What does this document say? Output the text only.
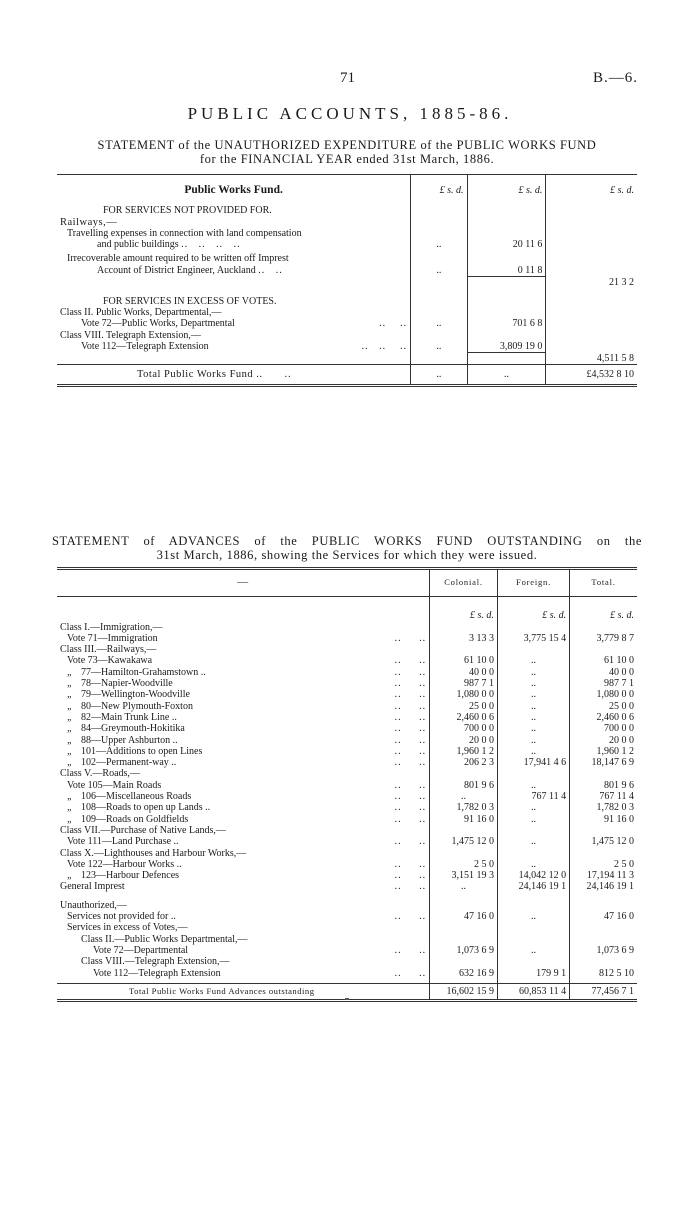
71	B.—6.
PUBLIC ACCOUNTS, 1885-86.
STATEMENT of the UNAUTHORIZED EXPENDITURE of the PUBLIC WORKS FUND
for the FINANCIAL YEAR ended 31st March, 1886.
Public Works Fund.	£ s. d.	£ s. d.	£ s. d.
FOR SERVICES NOT PROVIDED FOR.			
Railways,—			
Travelling expenses in connection with land compensation			
and public buildings ..   ..   ..   ..	..	20 11 6	
Irrecoverable amount required to be written off Imprest			
Account of District Engineer, Auckland ..   ..	..	0 11 8	
			21 3 2
FOR SERVICES IN EXCESS OF VOTES.			
Class II. Public Works, Departmental,—			
Vote 72—Public Works, Departmental ..    ..	..	701 6 8	
Class VIII. Telegraph Extension,—			
Vote 112—Telegraph Extension ..   ..    ..	..	3,809 19 0	
			4,511 5 8
Total Public Works Fund .. ..	..	..	£4,532 8 10
STATEMENT of ADVANCES of the PUBLIC WORKS FUND OUTSTANDING on the
31st March, 1886, showing the Services for which they were issued.
—	Colonial.	Foreign.	Total.
	£ s. d.	£ s. d.	£ s. d.
Class I.—Immigration,—			
Vote 71—Immigration ..     ..	3 13 3	3,775 15 4	3,779 8 7
Class III.—Railways,—			
Vote 73—Kawakawa ..     ..	61 10 0	..	61 10 0
„ 77—Hamilton-Grahamstown .. ..     ..	40 0 0	..	40 0 0
„ 78—Napier-Woodville ..     ..	987 7 1	..	987 7 1
„ 79—Wellington-Woodville ..     ..	1,080 0 0	..	1,080 0 0
„ 80—New Plymouth-Foxton ..     ..	25 0 0	..	25 0 0
„ 82—Main Trunk Line .. ..     ..	2,460 0 6	..	2,460 0 6
„ 84—Greymouth-Hokitika ..     ..	700 0 0	..	700 0 0
„ 88—Upper Ashburton .. ..     ..	20 0 0	..	20 0 0
„ 101—Additions to open Lines ..     ..	1,960 1 2	..	1,960 1 2
„ 102—Permanent-way .. ..     ..	206 2 3	17,941 4 6	18,147 6 9
Class V.—Roads,—			
Vote 105—Main Roads ..     ..	801 9 6	..	801 9 6
„ 106—Miscellaneous Roads ..     ..	..	767 11 4	767 11 4
„ 108—Roads to open up Lands .. ..     ..	1,782 0 3	..	1,782 0 3
„ 109—Roads on Goldfields ..     ..	91 16 0	..	91 16 0
Class VII.—Purchase of Native Lands,—			
Vote 111—Land Purchase .. ..     ..	1,475 12 0	..	1,475 12 0
Class X.—Lighthouses and Harbour Works,—			
Vote 122—Harbour Works .. ..     ..	2 5 0	..	2 5 0
„ 123—Harbour Defences ..     ..	3,151 19 3	14,042 12 0	17,194 11 3
General Imprest ..     ..	..	24,146 19 1	24,146 19 1

Unauthorized,—			
Services not provided for .. ..     ..	47 16 0	..	47 16 0
Services in excess of Votes,—			
Class II.—Public Works Departmental,—			
Vote 72—Departmental ..     ..	1,073 6 9	..	1,073 6 9
Class VIII.—Telegraph Extension,—			
Vote 112—Telegraph Extension ..     ..	632 16 9	179 9 1	812 5 10

Total Public Works Fund Advances outstanding	16,602 15 9	60,853 11 4	77,456 7 1
